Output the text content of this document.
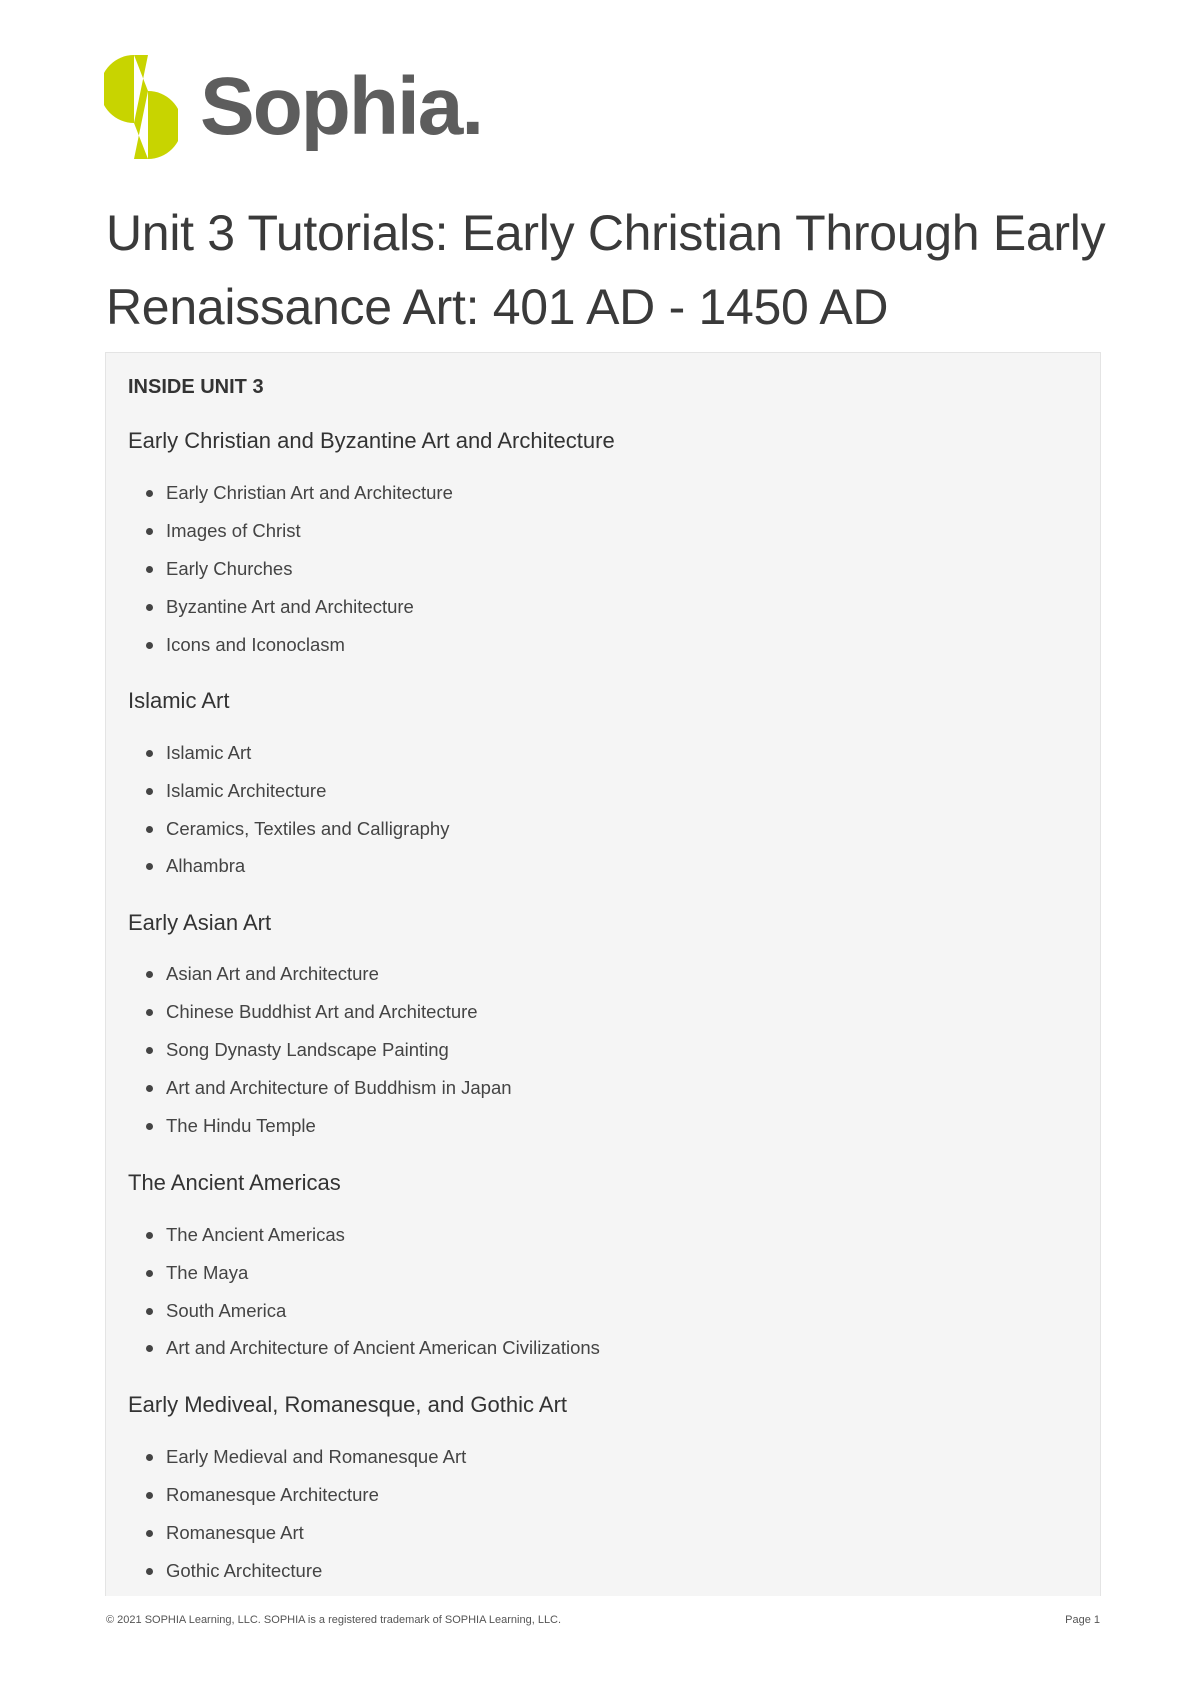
Sophia.
Unit 3 Tutorials: Early Christian Through Early Renaissance Art: 401 AD - 1450 AD
INSIDE UNIT 3
Early Christian and Byzantine Art and Architecture
Early Christian Art and Architecture
Images of Christ
Early Churches
Byzantine Art and Architecture
Icons and Iconoclasm
Islamic Art
Islamic Art
Islamic Architecture
Ceramics, Textiles and Calligraphy
Alhambra
Early Asian Art
Asian Art and Architecture
Chinese Buddhist Art and Architecture
Song Dynasty Landscape Painting
Art and Architecture of Buddhism in Japan
The Hindu Temple
The Ancient Americas
The Ancient Americas
The Maya
South America
Art and Architecture of Ancient American Civilizations
Early Mediveal, Romanesque, and Gothic Art
Early Medieval and Romanesque Art
Romanesque Architecture
Romanesque Art
Gothic Architecture
© 2021 SOPHIA Learning, LLC. SOPHIA is a registered trademark of SOPHIA Learning, LLC.	Page 1
